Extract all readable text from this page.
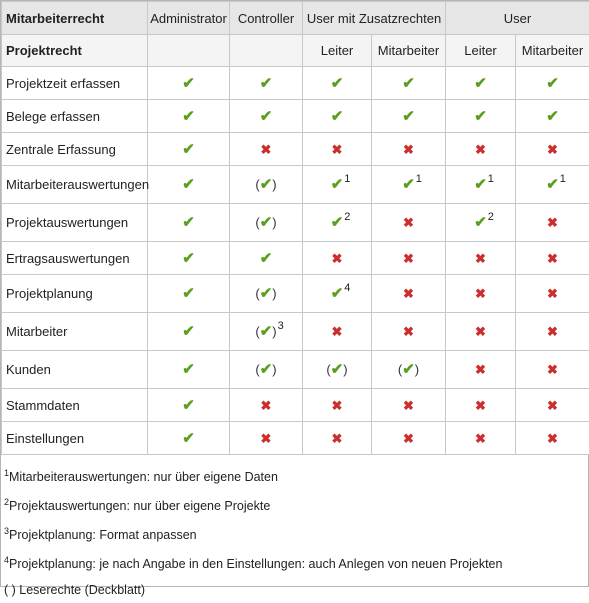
Mitarbeiterrecht	Administrator	Controller	User mit Zusatzrechten		User	
Projektrecht			Leiter	Mitarbeiter	Leiter	Mitarbeiter
Projektzeit erfassen	✔	✔	✔	✔	✔	✔
Belege erfassen	✔	✔	✔	✔	✔	✔
Zentrale Erfassung	✔	✖	✖	✖	✖	✖
Mitarbeiterauswertungen	✔	(✔)	✔ 1	✔ 1	✔ 1	✔ 1

Projektauswertungen	✔	(✔)	✔ 2	✖	✔ 2	✖
Ertragsauswertungen	✔	✔	✖	✖	✖	✖
Projektplanung	✔	(✔)	✔ 4	✖	✖	✖
Mitarbeiter	✔	(✔) 3	✖	✖	✖	✖
Kunden	✔	(✔)	(✔)	(✔)	✖	✖
Stammdaten	✔	✖	✖	✖	✖	✖
Einstellungen	✔	✖	✖	✖	✖	✖
$^1$Mitarbeiterauswertungen: nur über eigene Daten
$^2$Projektauswertungen: nur über eigene Projekte
$^3$Projektplanung: Format anpassen
$^4$Projektplanung: je nach Angabe in den Einstellungen: auch Anlegen von neuen Projekten
( ) Leserechte (Deckblatt)
